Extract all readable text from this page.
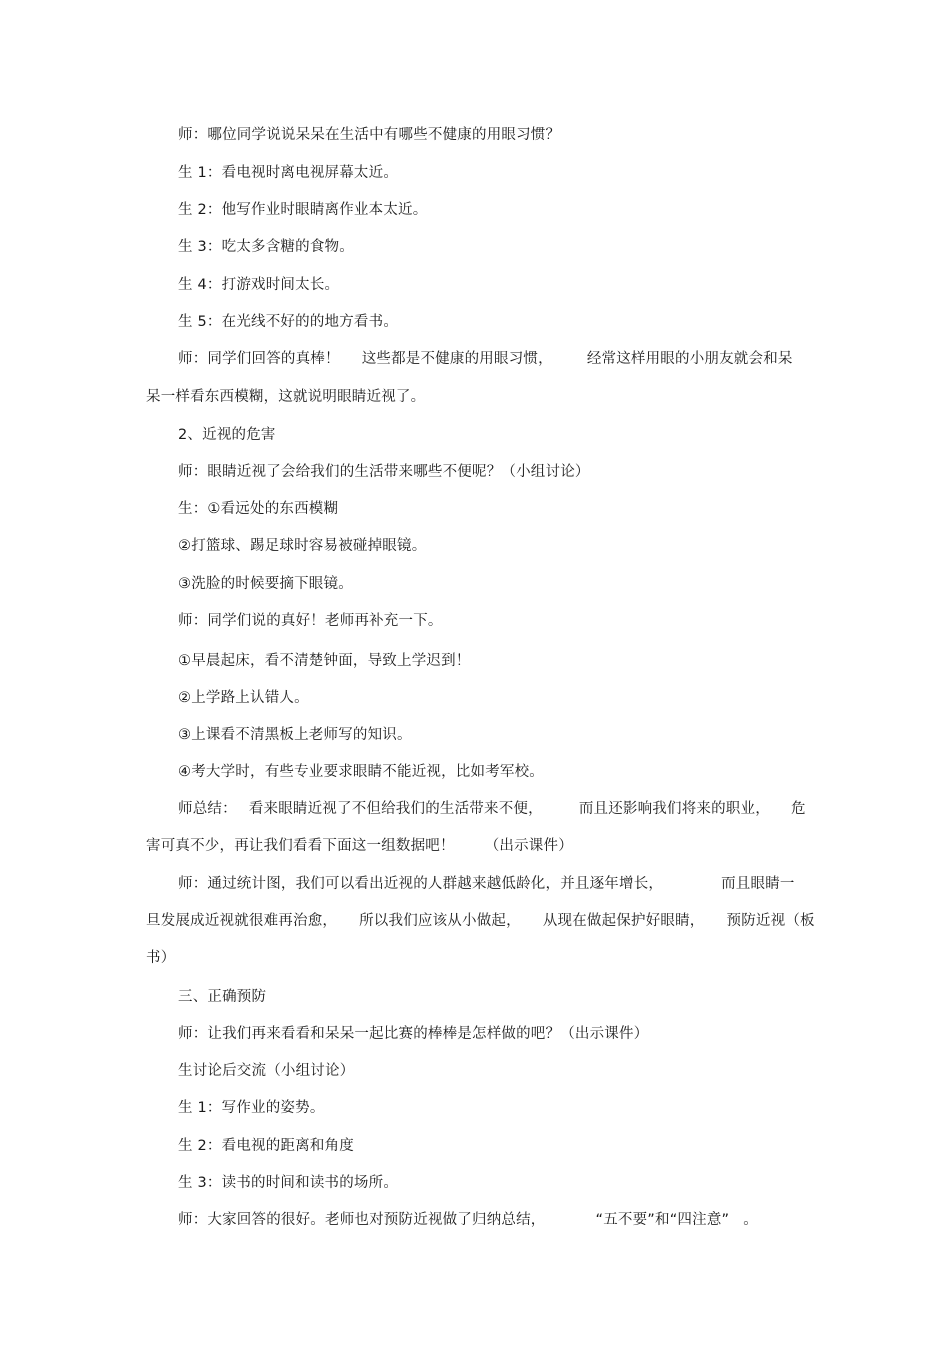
师：哪位同学说说呆呆在生活中有哪些不健康的用眼习惯？

生 1：看电视时离电视屏幕太近。

生 2：他写作业时眼睛离作业本太近。

生 3：吃太多含糖的食物。

生 4：打游戏时间太长。

生 5：在光线不好的的地方看书。

师：同学们回答的真棒！ 这些都是不健康的用眼习惯， 经常这样用眼的小朋友就会和呆

呆一样看东西模糊，这就说明眼睛近视了。

2、近视的危害

师：眼睛近视了会给我们的生活带来哪些不便呢？（小组讨论）

生：①看远处的东西模糊

②打篮球、踢足球时容易被碰掉眼镜。

③洗脸的时候要摘下眼镜。

师：同学们说的真好！老师再补充一下。

①早晨起床，看不清楚钟面，导致上学迟到！

②上学路上认错人。

③上课看不清黑板上老师写的知识。

④考大学时，有些专业要求眼睛不能近视，比如考军校。

师总结： 看来眼睛近视了不但给我们的生活带来不便， 而且还影响我们将来的职业， 危

害可真不少，再让我们看看下面这一组数据吧！ （出示课件）

师：通过统计图，我们可以看出近视的人群越来越低龄化，并且逐年增长，	而且眼睛一

旦发展成近视就很难再治愈， 所以我们应该从小做起， 从现在做起保护好眼睛， 预防近视（板

书）

三、正确预防

师：让我们再来看看和呆呆一起比赛的棒棒是怎样做的吧？（出示课件）

生讨论后交流（小组讨论）

生 1：写作业的姿势。

生 2：看电视的距离和角度

生 3：读书的时间和读书的场所。

师：大家回答的很好。老师也对预防近视做了归纳总结，	“五不要”和“四注意” 。
